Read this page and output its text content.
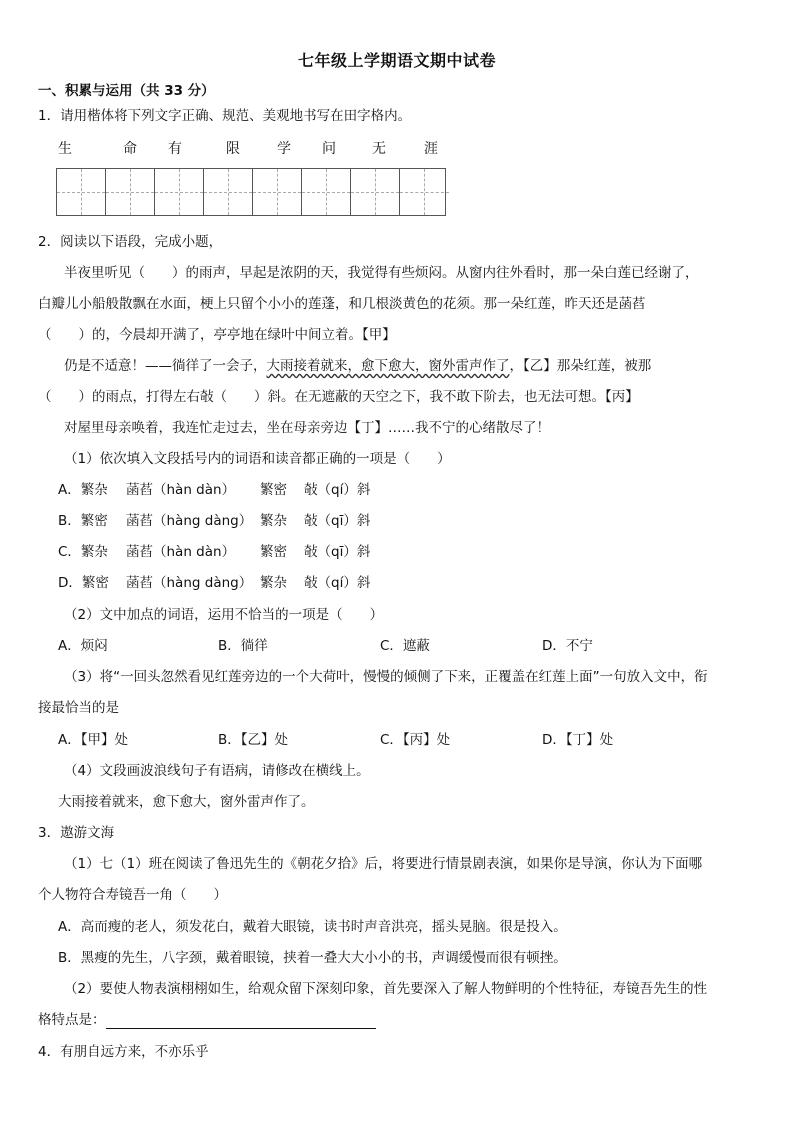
七年级上学期语文期中试卷
一、积累与运用（共 33 分）
1．请用楷体将下列文字正确、规范、美观地书写在田字格内。
生	命 有	限	学 问	无	涯
2．阅读以下语段，完成小题，
半夜里听见（　　）的雨声，早起是浓阴的天，我觉得有些烦闷。从窗内往外看时，那一朵白莲已经谢了，
白瓣儿小船般散飘在水面，梗上只留个小小的莲蓬，和几根淡黄色的花须。那一朵红莲，昨天还是菡萏
（　　）的，今晨却开满了，亭亭地在绿叶中间立着。【甲】
仍是不适意！——徜徉了一会子，大雨接着就来，愈下愈大，窗外雷声作了，【乙】那朵红莲，被那
（　　）的雨点，打得左右敧（　　）斜。在无遮蔽的天空之下，我不敢下阶去，也无法可想。【丙】
对屋里母亲唤着，我连忙走过去，坐在母亲旁边【丁】……我不宁的心绪散尽了！
（1）依次填入文段括号内的词语和读音都正确的一项是（　　）
A．繁杂 菡萏（hàn dàn） 繁密 敧（qí）斜
B．繁密 菡萏（hàng dàng） 繁杂 敧（qī）斜
C．繁杂 菡萏（hàn dàn） 繁密 敧（qī）斜
D．繁密 菡萏（hàng dàng） 繁杂 敧（qí）斜
（2）文中加点的词语，运用不恰当的一项是（　　）
A．烦闷	B．徜徉	C．遮蔽	D．不宁
（3）将“一回头忽然看见红莲旁边的一个大荷叶，慢慢的倾侧了下来，正覆盖在红莲上面”一句放入文中，衔
接最恰当的是
A．【甲】处	B．【乙】处	C．【丙】处	D．【丁】处
（4）文段画波浪线句子有语病，请修改在横线上。
大雨接着就来，愈下愈大，窗外雷声作了。
3．遨游文海
（1）七（1）班在阅读了鲁迅先生的《朝花夕拾》后，将要进行情景剧表演，如果你是导演，你认为下面哪
个人物符合寿镜吾一角（　　）
A．高而瘦的老人，须发花白，戴着大眼镜，读书时声音洪亮，摇头晃脑。很是投入。
B．黑瘦的先生，八字颈，戴着眼镜，挟着一叠大大小小的书，声调缓慢而很有顿挫。
（2）要使人物表演栩栩如生，给观众留下深刻印象，首先要深入了解人物鲜明的个性特征，寿镜吾先生的性
格特点是：
4．有朋自远方来，不亦乐乎
